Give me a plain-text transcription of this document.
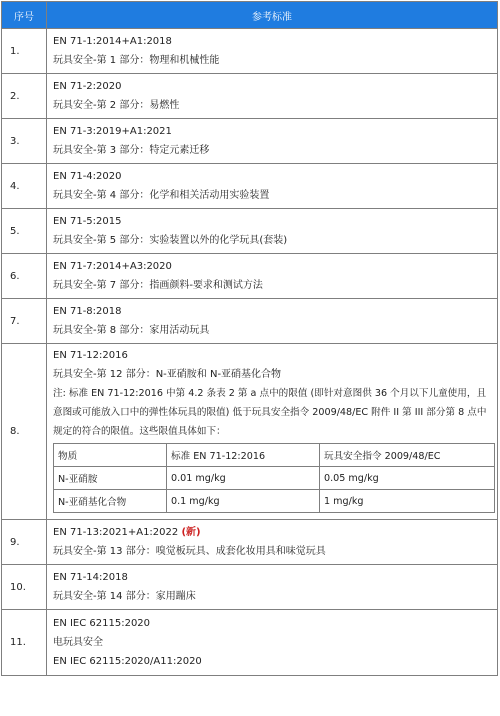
序号	参考标准
1.	
EN 71-1:2014+A1:2018
玩具安全-第 1 部分：物理和机械性能

2.	
EN 71-2:2020
玩具安全-第 2 部分：易燃性

3.	
EN 71-3:2019+A1:2021
玩具安全-第 3 部分：特定元素迁移

4.	
EN 71-4:2020
玩具安全-第 4 部分：化学和相关活动用实验装置

5.	
EN 71-5:2015
玩具安全-第 5 部分：实验装置以外的化学玩具(套装)

6.	
EN 71-7:2014+A3:2020
玩具安全-第 7 部分：指画颜料-要求和测试方法

7.	
EN 71-8:2018
玩具安全-第 8 部分：家用活动玩具

8.	
EN 71-12:2016
玩具安全-第 12 部分：N-亚硝胺和 N-亚硝基化合物
注: 标准 EN 71-12:2016 中第 4.2 条表 2 第 a 点中的限值 (即针对意图供 36 个月以下儿童使用，且意图或可能放入口中的弹性体玩具的限值) 低于玩具安全指令 2009/48/EC 附件 II 第 III 部分第 8 点中规定的符合的限值。这些限值具体如下：
物质	标准 EN 71-12:2016	玩具安全指令 2009/48/EC
N-亚硝胺	0.01 mg/kg	0.05 mg/kg
N-亚硝基化合物	0.1 mg/kg	1 mg/kg

9.	
EN 71-13:2021+A1:2022 (新)
玩具安全-第 13 部分：嗅觉板玩具、成套化妆用具和味觉玩具

10.	
EN 71-14:2018
玩具安全-第 14 部分：家用蹦床

11.	
EN IEC 62115:2020
电玩具安全
EN IEC 62115:2020/A11:2020
